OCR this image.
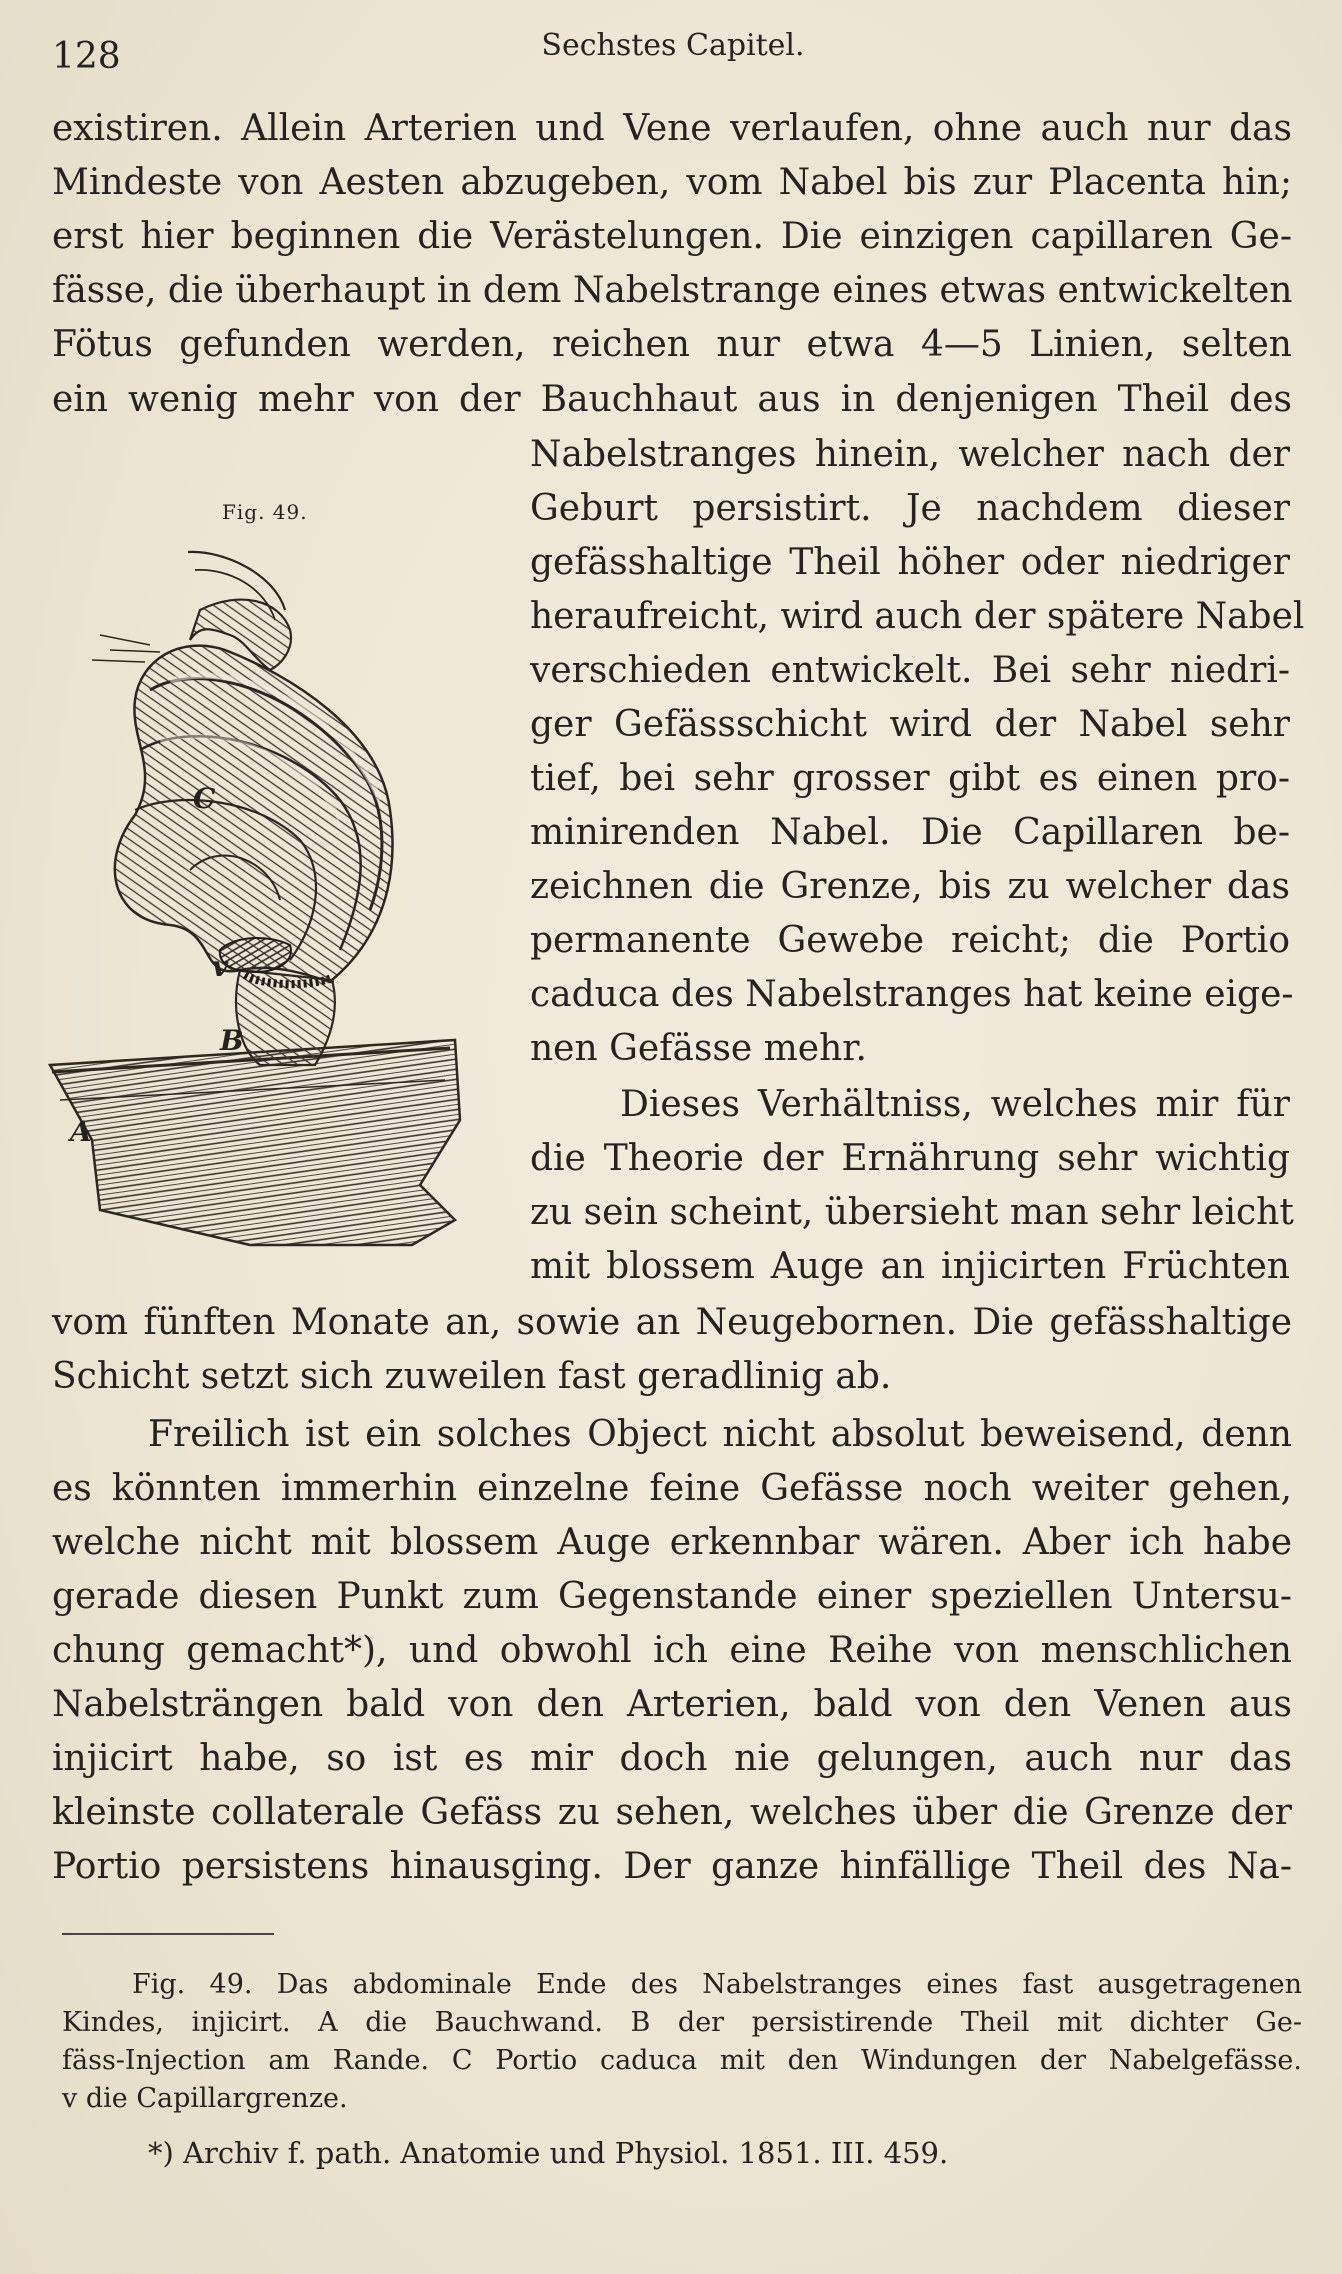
128	Sechstes Capitel.
existiren. Allein Arterien und Vene verlaufen, ohne auch nur das
Mindeste von Aesten abzugeben, vom Nabel bis zur Placenta hin;
erst hier beginnen die Verästelungen. Die einzigen capillaren Ge-
fässe, die überhaupt in dem Nabelstrange eines etwas entwickelten
Fötus gefunden werden, reichen nur etwa 4—5 Linien, selten
ein wenig mehr von der Bauchhaut aus in denjenigen Theil des
Nabelstranges hinein, welcher nach der
Geburt persistirt. Je nachdem dieser
gefässhaltige Theil höher oder niedriger
heraufreicht, wird auch der spätere Nabel
verschieden entwickelt. Bei sehr niedri-
ger Gefässschicht wird der Nabel sehr
tief, bei sehr grosser gibt es einen pro-
minirenden Nabel. Die Capillaren be-
zeichnen die Grenze, bis zu welcher das
permanente Gewebe reicht; die Portio
caduca des Nabelstranges hat keine eige-
nen Gefässe mehr.
Dieses Verhältniss, welches mir für
die Theorie der Ernährung sehr wichtig
zu sein scheint, übersieht man sehr leicht
mit blossem Auge an injicirten Früchten
vom fünften Monate an, sowie an Neugebornen. Die gefässhaltige
Schicht setzt sich zuweilen fast geradlinig ab.
Freilich ist ein solches Object nicht absolut beweisend, denn
es könnten immerhin einzelne feine Gefässe noch weiter gehen,
welche nicht mit blossem Auge erkennbar wären. Aber ich habe
gerade diesen Punkt zum Gegenstande einer speziellen Untersu-
chung gemacht*), und obwohl ich eine Reihe von menschlichen
Nabelsträngen bald von den Arterien, bald von den Venen aus
injicirt habe, so ist es mir doch nie gelungen, auch nur das
kleinste collaterale Gefäss zu sehen, welches über die Grenze der
Portio persistens hinausging. Der ganze hinfällige Theil des Na-
Fig. 49.
C
v
B
A
Fig. 49. Das abdominale Ende des Nabelstranges eines fast ausgetragenen
Kindes, injicirt. A die Bauchwand. B der persistirende Theil mit dichter Ge-
fäss-Injection am Rande. C Portio caduca mit den Windungen der Nabelgefässe.
v die Capillargrenze.
*) Archiv f. path. Anatomie und Physiol. 1851. III. 459.
